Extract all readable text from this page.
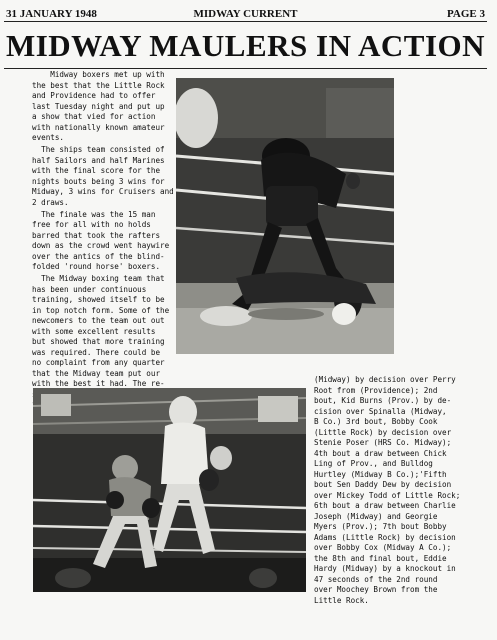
31 JANUARY 1948	MIDWAY CURRENT	PAGE 3
MIDWAY MAULERS IN ACTION

Midway boxers met up with
the best that the Little Rock
and Providence had to offer
last Tuesday night and put up
a show that vied for action
with nationally known amateur
events.

The ships team consisted of
half Sailors and half Marines
with the final score for the
nights bouts being 3 wins for
Midway, 3 wins for Cruisers and
2 draws.

The finale was the 15 man
free for all with no holds
barred that took the rafters
down as the crowd went haywire
over the antics of the blind-
folded 'round horse' boxers.

The Midway boxing team that
has been under continuous
training, showed itself to be
in top notch form. Some of the
newcomers to the team out out
with some excellent results
but showed that more training
was required. There could be
no complaint from any quarter
that the Midway team put our
with the best it had. The re-	(Midway) by decision over Perry
Root from (Providence); 2nd
bout, Kid Burns (Prov.) by de-
cision over Spinalla (Midway,
B Co.) 3rd bout, Bobby Cook
(Little Rock) by decision over
Stenie Poser (HRS Co. Midway);
4th bout a draw between Chick
Ling of Prov., and Bulldog
Hurtley (Midway B Co.);'Fifth
bout Sen Daddy Dew by decision
over Mickey Todd of Little Rock;
6th bout a draw between Charlie
Joseph (Midway) and Georgie
Myers (Prov.); 7th bout Bobby
Adams (Little Rock) by decision
over Bobby Cox (Midway A Co.);
the 8th and final bout, Eddie
Hardy (Midway) by a knockout in
47 seconds of the 2nd round
over Moochey Brown from the
Little Rock.
